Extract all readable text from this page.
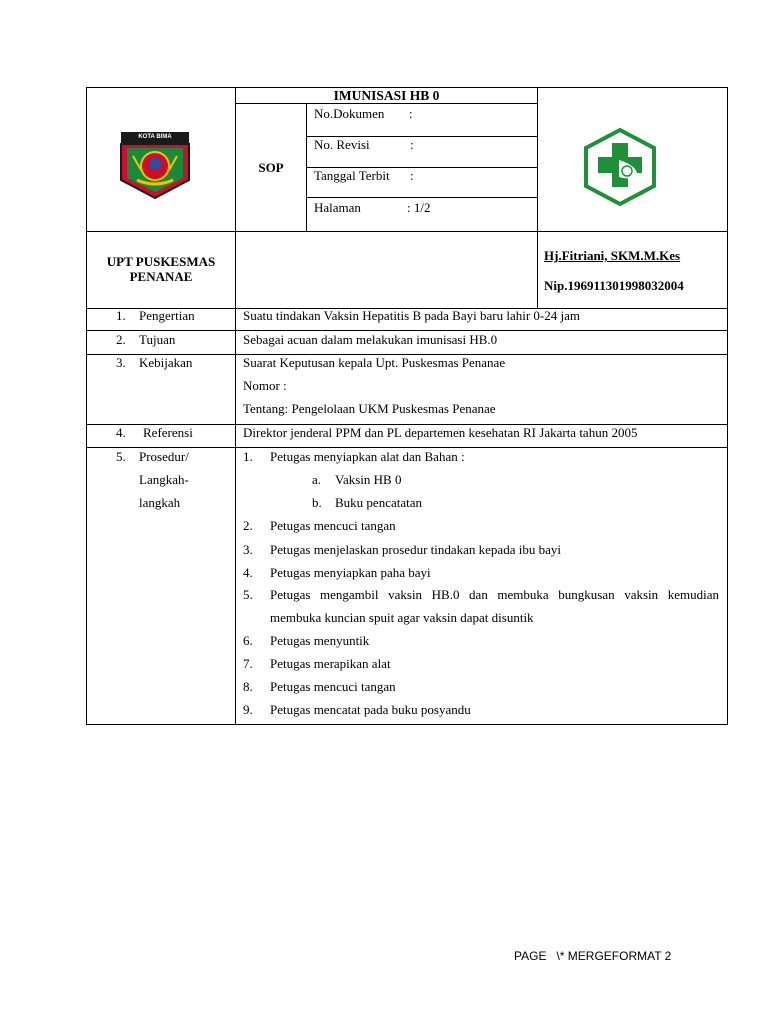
IMUNISASI HB 0
SOP
No.Dokumen :
No. Revisi	:
Tanggal Terbit :
Halaman	: 1/2
KOTA BIMA
UPT PUSKESMAS
PENANAE
Hj.Fitriani, SKM.M.Kes
Nip.196911301998032004
1. Pengertian	Suatu tindakan Vaksin Hepatitis B pada Bayi baru lahir 0-24 jam
2. Tujuan	Sebagai acuan dalam melakukan imunisasi HB.0
3. Kebijakan	Suarat Keputusan kepala Upt. Puskesmas Penanae
Nomor :
Tentang: Pengelolaan UKM Puskesmas Penanae
4. Referensi	Direktor jenderal PPM dan PL departemen kesehatan RI Jakarta tahun 2005
5. Prosedur/
Langkah-
langkah
1. Petugas menyiapkan alat dan Bahan :
a. Vaksin HB 0
b. Buku pencatatan
2. Petugas mencuci tangan
3. Petugas menjelaskan prosedur tindakan kepada ibu bayi
4. Petugas menyiapkan paha bayi
5. Petugas mengambil vaksin HB.0 dan membuka bungkusan vaksin kemudian
membuka kuncian spuit agar vaksin dapat disuntik
6. Petugas menyuntik
7. Petugas merapikan alat
8. Petugas mencuci tangan
9. Petugas mencatat pada buku posyandu
PAGE   \* MERGEFORMAT 2
